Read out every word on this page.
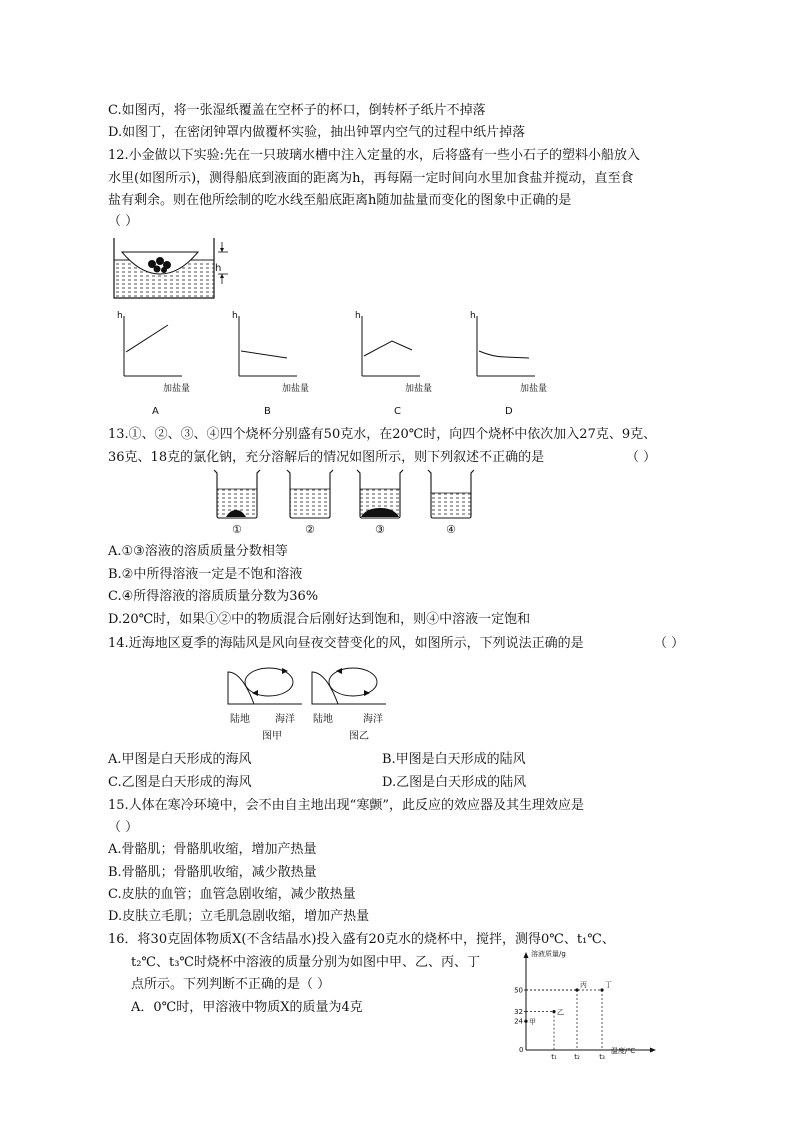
C.如图丙，将一张湿纸覆盖在空杯子的杯口，倒转杯子纸片不掉落
D.如图丁，在密闭钟罩内做覆杯实验，抽出钟罩内空气的过程中纸片掉落
12.小金做以下实验:先在一只玻璃水槽中注入定量的水，后将盛有一些小石子的塑料小船放入
水里(如图所示)，测得船底到液面的距离为h，再每隔一定时间向水里加食盐并搅动，直至食
盐有剩余。则在他所绘制的吃水线至船底距离h随加盐量而变化的图象中正确的是
（ ）
h
h
加盐量
A
h
加盐量
B
h
加盐量
C
h
加盐量
D
13.①、②、③、④四个烧杯分别盛有50克水，在20℃时，向四个烧杯中依次加入27克、9克、
36克、18克的氯化钠，充分溶解后的情况如图所示，则下列叙述不正确的是	（ ）
①	②	③	④
A.①③溶液的溶质质量分数相等
B.②中所得溶液一定是不饱和溶液
C.④所得溶液的溶质质量分数为36%
D.20℃时，如果①②中的物质混合后刚好达到饱和，则④中溶液一定饱和
14.近海地区夏季的海陆风是风向昼夜交替变化的风，如图所示，下列说法正确的是	（ ）
陆地	海洋 陆地	海洋
图甲	图乙
A.甲图是白天形成的海风	B.甲图是白天形成的陆风
C.乙图是白天形成的海风	D.乙图是白天形成的陆风
15.人体在寒冷环境中，会不由自主地出现“寒颤”，此反应的效应器及其生理效应是
（ ）
A.骨骼肌；骨骼肌收缩，增加产热量
B.骨骼肌；骨骼肌收缩，减少散热量
C.皮肤的血管；血管急剧收缩，减少散热量
D.皮肤立毛肌；立毛肌急剧收缩，增加产热量
16．将30克固体物质X(不含结晶水)投入盛有20克水的烧杯中，搅拌，测得0℃、t₁℃、
t₂℃、t₃℃时烧杯中溶液的质量分别为如图中甲、乙、丙、丁
点所示。下列判断不正确的是（ ）
A．0℃时，甲溶液中物质X的质量为4克
50
32
24
t₁ t₂	t₃
甲
乙
丙	丁
溶液质量/g
温度/℃
0
